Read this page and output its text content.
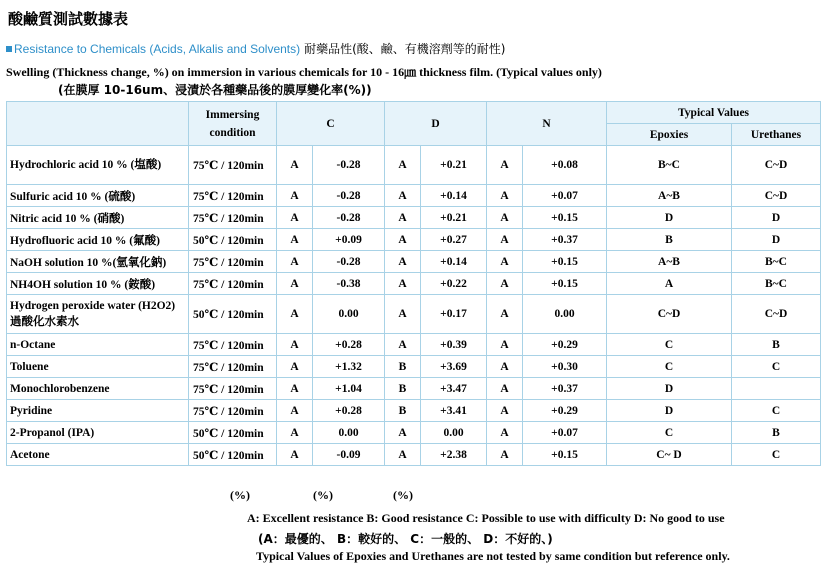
酸鹼質測試數據表
Resistance to Chemicals (Acids, Alkalis and Solvents) 耐藥品性(酸、鹼、有機溶劑等的耐性)
Swelling (Thickness change, %) on immersion in various chemicals for 10 - 16㎛ thickness film. (Typical values only)
(在膜厚 10-16um、浸漬於各種藥品後的膜厚變化率(%))
	Immersing condition	C		D		N		Typical Values	
								Epoxies	Urethanes
Hydrochloric acid 10 % (塩酸)	75℃ / 120min	A	-0.28	A	+0.21	A	+0.08	B~C	C~D
Sulfuric acid 10 % (硫酸)	75℃ / 120min	A	-0.28	A	+0.14	A	+0.07	A~B	C~D
Nitric acid 10 % (硝酸)	75℃ / 120min	A	-0.28	A	+0.21	A	+0.15	D	D
Hydrofluoric acid 10 % (氟酸)	50℃ / 120min	A	+0.09	A	+0.27	A	+0.37	B	D
NaOH solution 10 %(氫氧化鈉)	75℃ / 120min	A	-0.28	A	+0.14	A	+0.15	A~B	B~C
NH4OH solution 10 % (銨酸)	75℃ / 120min	A	-0.38	A	+0.22	A	+0.15	A	B~C
Hydrogen peroxide water (H2O2) 過酸化水素水	50℃ / 120min	A	0.00	A	+0.17	A	0.00	C~D	C~D
n-Octane	75℃ / 120min	A	+0.28	A	+0.39	A	+0.29	C	B
Toluene	75℃ / 120min	A	+1.32	B	+3.69	A	+0.30	C	C
Monochlorobenzene	75℃ / 120min	A	+1.04	B	+3.47	A	+0.37	D	
Pyridine	75℃ / 120min	A	+0.28	B	+3.41	A	+0.29	D	C
2-Propanol (IPA)	50℃ / 120min	A	0.00	A	0.00	A	+0.07	C	B
Acetone	50℃ / 120min	A	-0.09	A	+2.38	A	+0.15	C~ D	C
(%)	(%)	(%)
A: Excellent resistance B: Good resistance C: Possible to use with difficulty D: No good to use
(A：最優的、 B：較好的、 C：一般的、 D：不好的、)
Typical Values of Epoxies and Urethanes are not tested by same condition but reference only.
